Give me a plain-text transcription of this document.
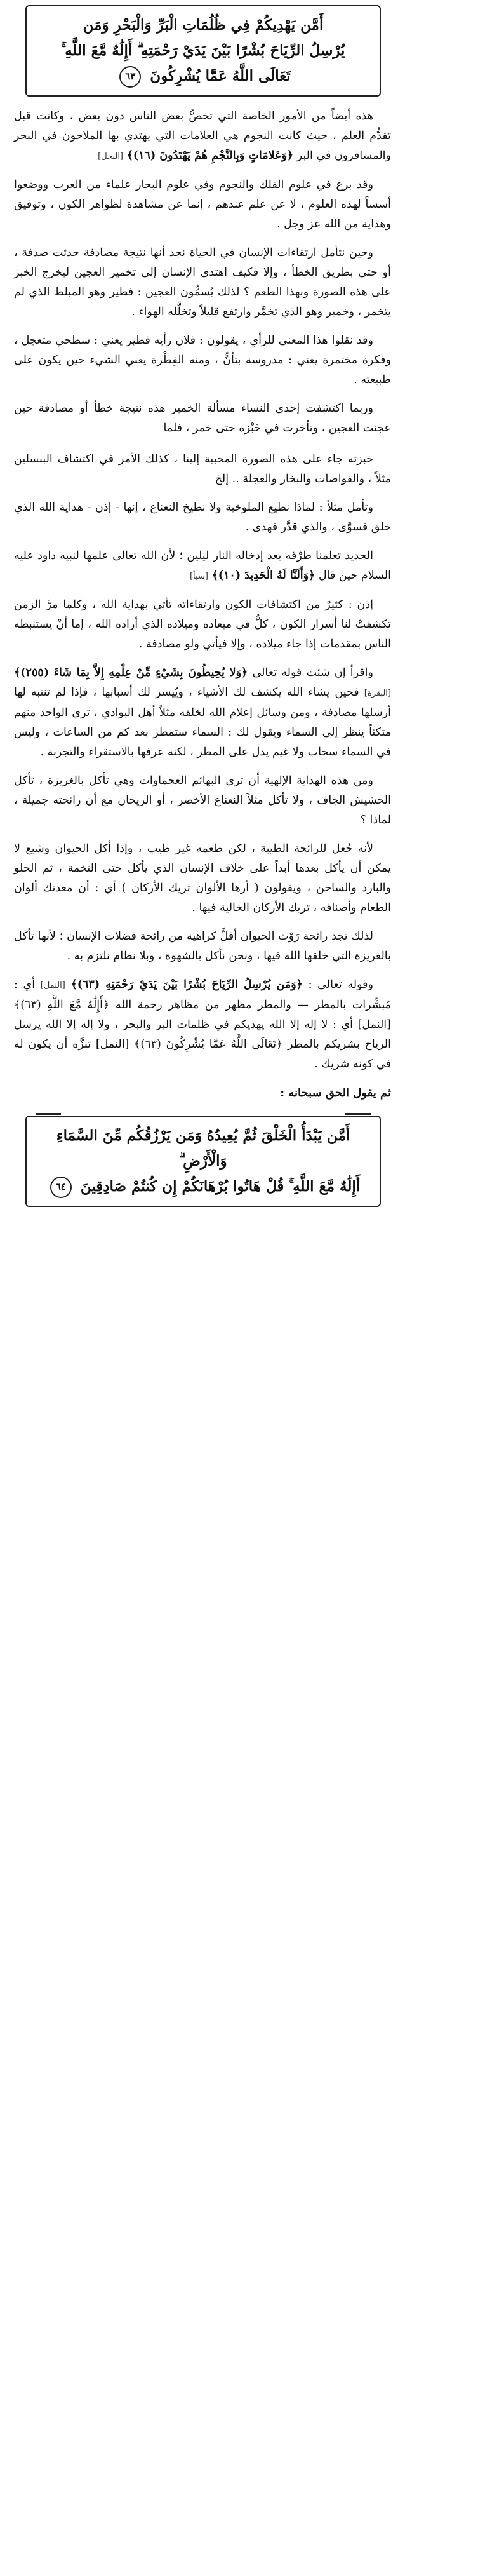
أَمَّن يَهْدِيكُمْ فِي ظُلُمَاتِ الْبَرِّ وَالْبَحْرِ وَمَن
يُرْسِلُ الرِّيَاحَ بُشْرًا بَيْنَ يَدَيْ رَحْمَتِهِ ۗ أَإِلَٰهٌ مَّعَ اللَّهِ ۚ
تَعَالَى اللَّهُ عَمَّا يُشْرِكُونَ ٦٣

هذه أيضاً من الأمور الخاصة التي تخصُّ بعض الناس دون بعض ، وكانت قبل تقدُّم العلم ، حيث كانت النجوم هي العلامات التي يهتدي بها الملاحون في البحر والمسافرون في البر ﴿وَعَلامَاتٍ وَبِالنَّجْمِ هُمْ يَهْتَدُونَ (١٦)﴾ [النحل]

وقد برع في علوم الفلك والنجوم وفي علوم البحار علماء من العرب ووضعوا أسساً لهذه العلوم ، لا عن علم عندهم ، إنما عن مشاهدة لظواهر الكون ، وتوفيق وهداية من الله عز وجل .

وحين نتأمل ارتقاءات الإنسان في الحياة نجد أنها نتيجة مصادفة حدثت صدفة ، أو حتى بطريق الخطأ ، وإلا فكيف اهتدى الإنسان إلى تخمير العجين ليخرج الخبز على هذه الصورة وبهذا الطعم ؟ لذلك يُسمُّون العجين : فطير وهو المبلط الذي لم يتخمر ، وخمير وهو الذي تخمَّر وارتفع قليلاً وتخلَّله الهواء .

وقد نقلوا هذا المعنى للرأي ، يقولون : فلان رأيه فطير يعني : سطحي متعجل ، وفكرة مختمرة يعني : مدروسة بتأنٍّ ، ومنه الفِطْرة يعني الشيء حين يكون على طبيعته .

وربما اكتشفت إحدى النساء مسألة الخمير هذه نتيجة خطأ أو مصادفة حين عجنت العجين ، وتأخرت في خَبْزه حتى خمر ، فلما

خبزته جاء على هذه الصورة المحببة إلينا ، كذلك الأمر في اكتشاف البنسلين مثلاً ، والفواصات والبخار والعجلة .. إلخ

وتأمل مثلاً : لماذا نطيع الملوخية ولا نطيخ النعناع ، إنها - إذن - هداية الله الذي خلق فسوَّى ، والذي قدَّر فهدى .

الحديد تعلمنا طرْقه بعد إدخاله النار ليلين ؛ لأن الله تعالى علمها لنبيه داود عليه السلام حين قال ﴿وَأَلَنَّا لَهُ الْحَدِيدَ (١٠)﴾ [سبأ]

إذن : كثيرٌ من اكتشافات الكون وارتقاءاته تأتي بهداية الله ، وكلما مرَّ الزمن تكشفتْ لنا أسرار الكون ، كلٌّ في ميعاده وميلاده الذي أراده الله ، إما أنْ يستنبطه الناس بمقدمات إذا جاء ميلاده ، وإلا فيأتي ولو مصادفة .

واقرأ إن شئت قوله تعالى ﴿وَلا يُحِيطُونَ بِشَيْءٍ مِّنْ عِلْمِهِ إِلاَّ بِمَا شَاءَ (٢٥٥)﴾ [البقرة] فحين يشاء الله يكشف لك الأشياء ، ويُيسر لك أسبابها ، فإذا لم تنتبه لها أرسلها مصادفة ، ومن وسائل إعلام الله لخلقه مثلاً أهل البوادي ، ترى الواحد منهم متكئاً ينظر إلى السماء ويقول لك : السماء ستمطر بعد كم من الساعات ، وليس في السماء سحاب ولا غيم يدل على المطر ، لكنه عرفها بالاستقراء والتجربة .

ومن هذه الهداية الإلهية أن ترى البهائم العجماوات وهي تأكل بالغريزة ، تأكل الحشيش الجاف ، ولا تأكل مثلاً النعناع الأخضر ، أو الريحان مع أن رائحته جميلة ، لماذا ؟

لأنه جُعل للرائحة الطيبة ، لكن طعمه غير طيب ، وإذا أكل الحيوان وشبع لا يمكن أن يأكل بعدها أبداً على خلاف الإنسان الذي يأكل حتى التخمة ، ثم الحلو والبارد والساخن ، ويقولون ( أرها الألوان تريك الأركان ) أي : أن معدتك ألوان الطعام وأصنافه ، تريك الأركان الخالية فيها .

لذلك تجد رائحة رَوْث الحيوان أقلَّ كراهية من رائحة فضلات الإنسان ؛ لأنها تأكل بالغريزة التي خلقها الله فيها ، ونحن نأكل بالشهوة ، وبلا نظام نلتزم به .

وقوله تعالى : ﴿وَمَن يُرْسِلُ الرِّيَاحَ بُشْرًا بَيْنَ يَدَيْ رَحْمَتِهِ (٦٣)﴾ [النمل] أي : مُبشِّرات بالمطر — والمطر مظهر من مظاهر رحمة الله ﴿أَإِلَٰهٌ مَّعَ اللَّهِ (٦٣)﴾ [النمل] أي : لا إله إلا الله يهديكم في ظلمات البر والبحر ، ولا إله إلا الله يرسل الرياح بشريكم بالمطر ﴿تَعَالَى اللَّهُ عَمَّا يُشْرِكُونَ (٦٣)﴾ [النمل] تنزَّه أن يكون له في كونه شريك .

ثم يقول الحق سبحانه :

أَمَّن يَبْدَأُ الْخَلْقَ ثُمَّ يُعِيدُهُ وَمَن يَرْزُقُكُم مِّنَ السَّمَاءِ وَالْأَرْضِ ۗ
أَإِلَٰهٌ مَّعَ اللَّهِ ۚ قُلْ هَاتُوا بُرْهَانَكُمْ إِن كُنتُمْ صَادِقِينَ ٦٤
